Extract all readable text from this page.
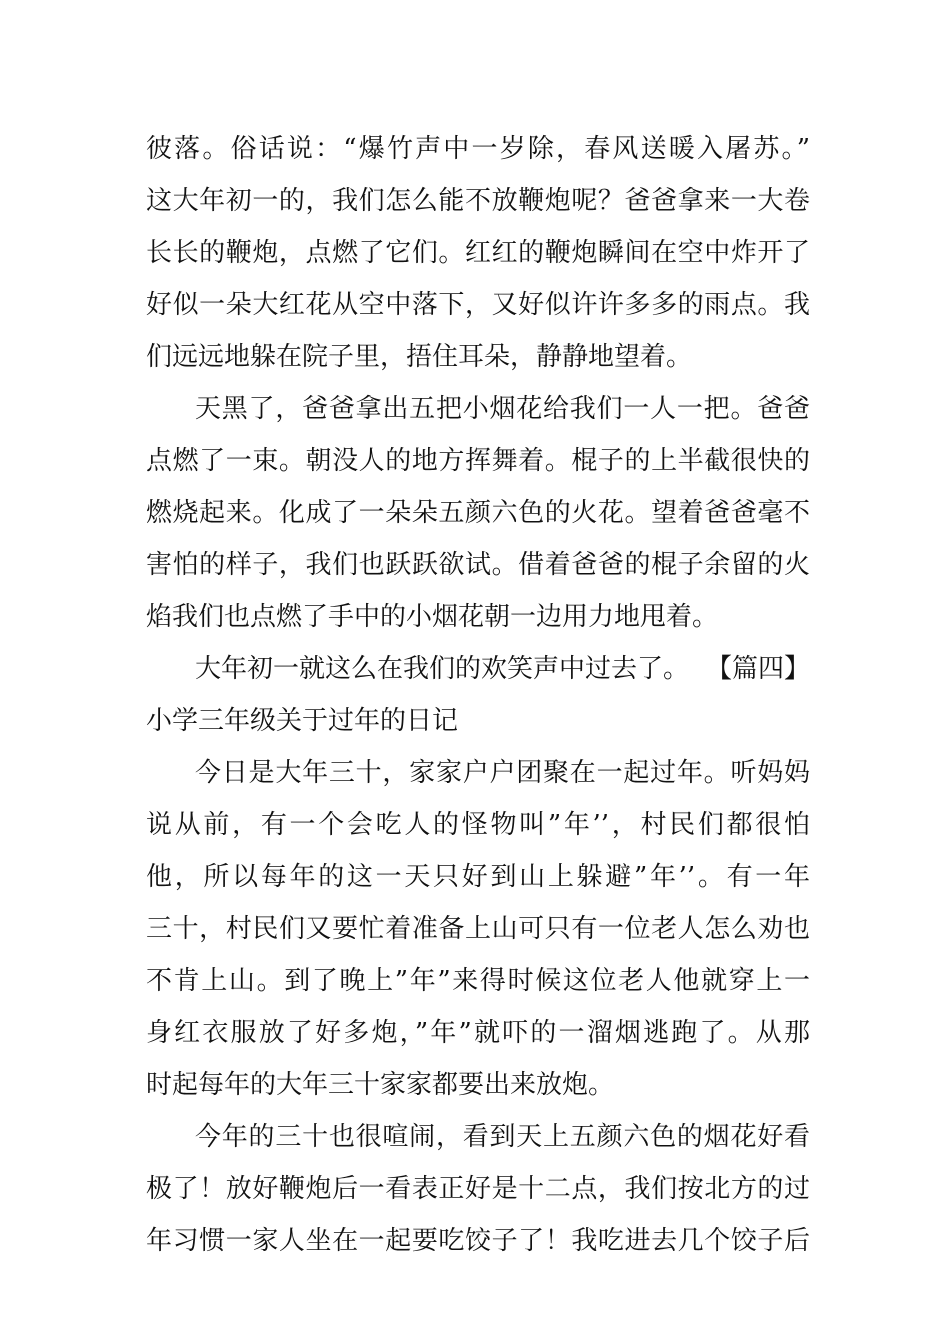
彼落。俗话说：“爆竹声中一岁除，春风送暖入屠苏。”
这大年初一的，我们怎么能不放鞭炮呢？爸爸拿来一大卷
长长的鞭炮，点燃了它们。红红的鞭炮瞬间在空中炸开了
好似一朵大红花从空中落下，又好似许许多多的雨点。我
们远远地躲在院子里，捂住耳朵，静静地望着。
天黑了，爸爸拿出五把小烟花给我们一人一把。爸爸
点燃了一束。朝没人的地方挥舞着。棍子的上半截很快的
燃烧起来。化成了一朵朵五颜六色的火花。望着爸爸毫不
害怕的样子，我们也跃跃欲试。借着爸爸的棍子余留的火
焰我们也点燃了手中的小烟花朝一边用力地甩着。
大年初一就这么在我们的欢笑声中过去了。 【篇四】
小学三年级关于过年的日记
今日是大年三十，家家户户团聚在一起过年。听妈妈
说从前，有一个会吃人的怪物叫”年’’，村民们都很怕
他，所以每年的这一天只好到山上躲避”年’’。有一年
三十，村民们又要忙着准备上山可只有一位老人怎么劝也
不肯上山。到了晚上”年”来得时候这位老人他就穿上一
身红衣服放了好多炮，”年”就吓的一溜烟逃跑了。从那
时起每年的大年三十家家都要出来放炮。
今年的三十也很喧闹，看到天上五颜六色的烟花好看
极了！放好鞭炮后一看表正好是十二点，我们按北方的过
年习惯一家人坐在一起要吃饺子了！我吃进去几个饺子后
